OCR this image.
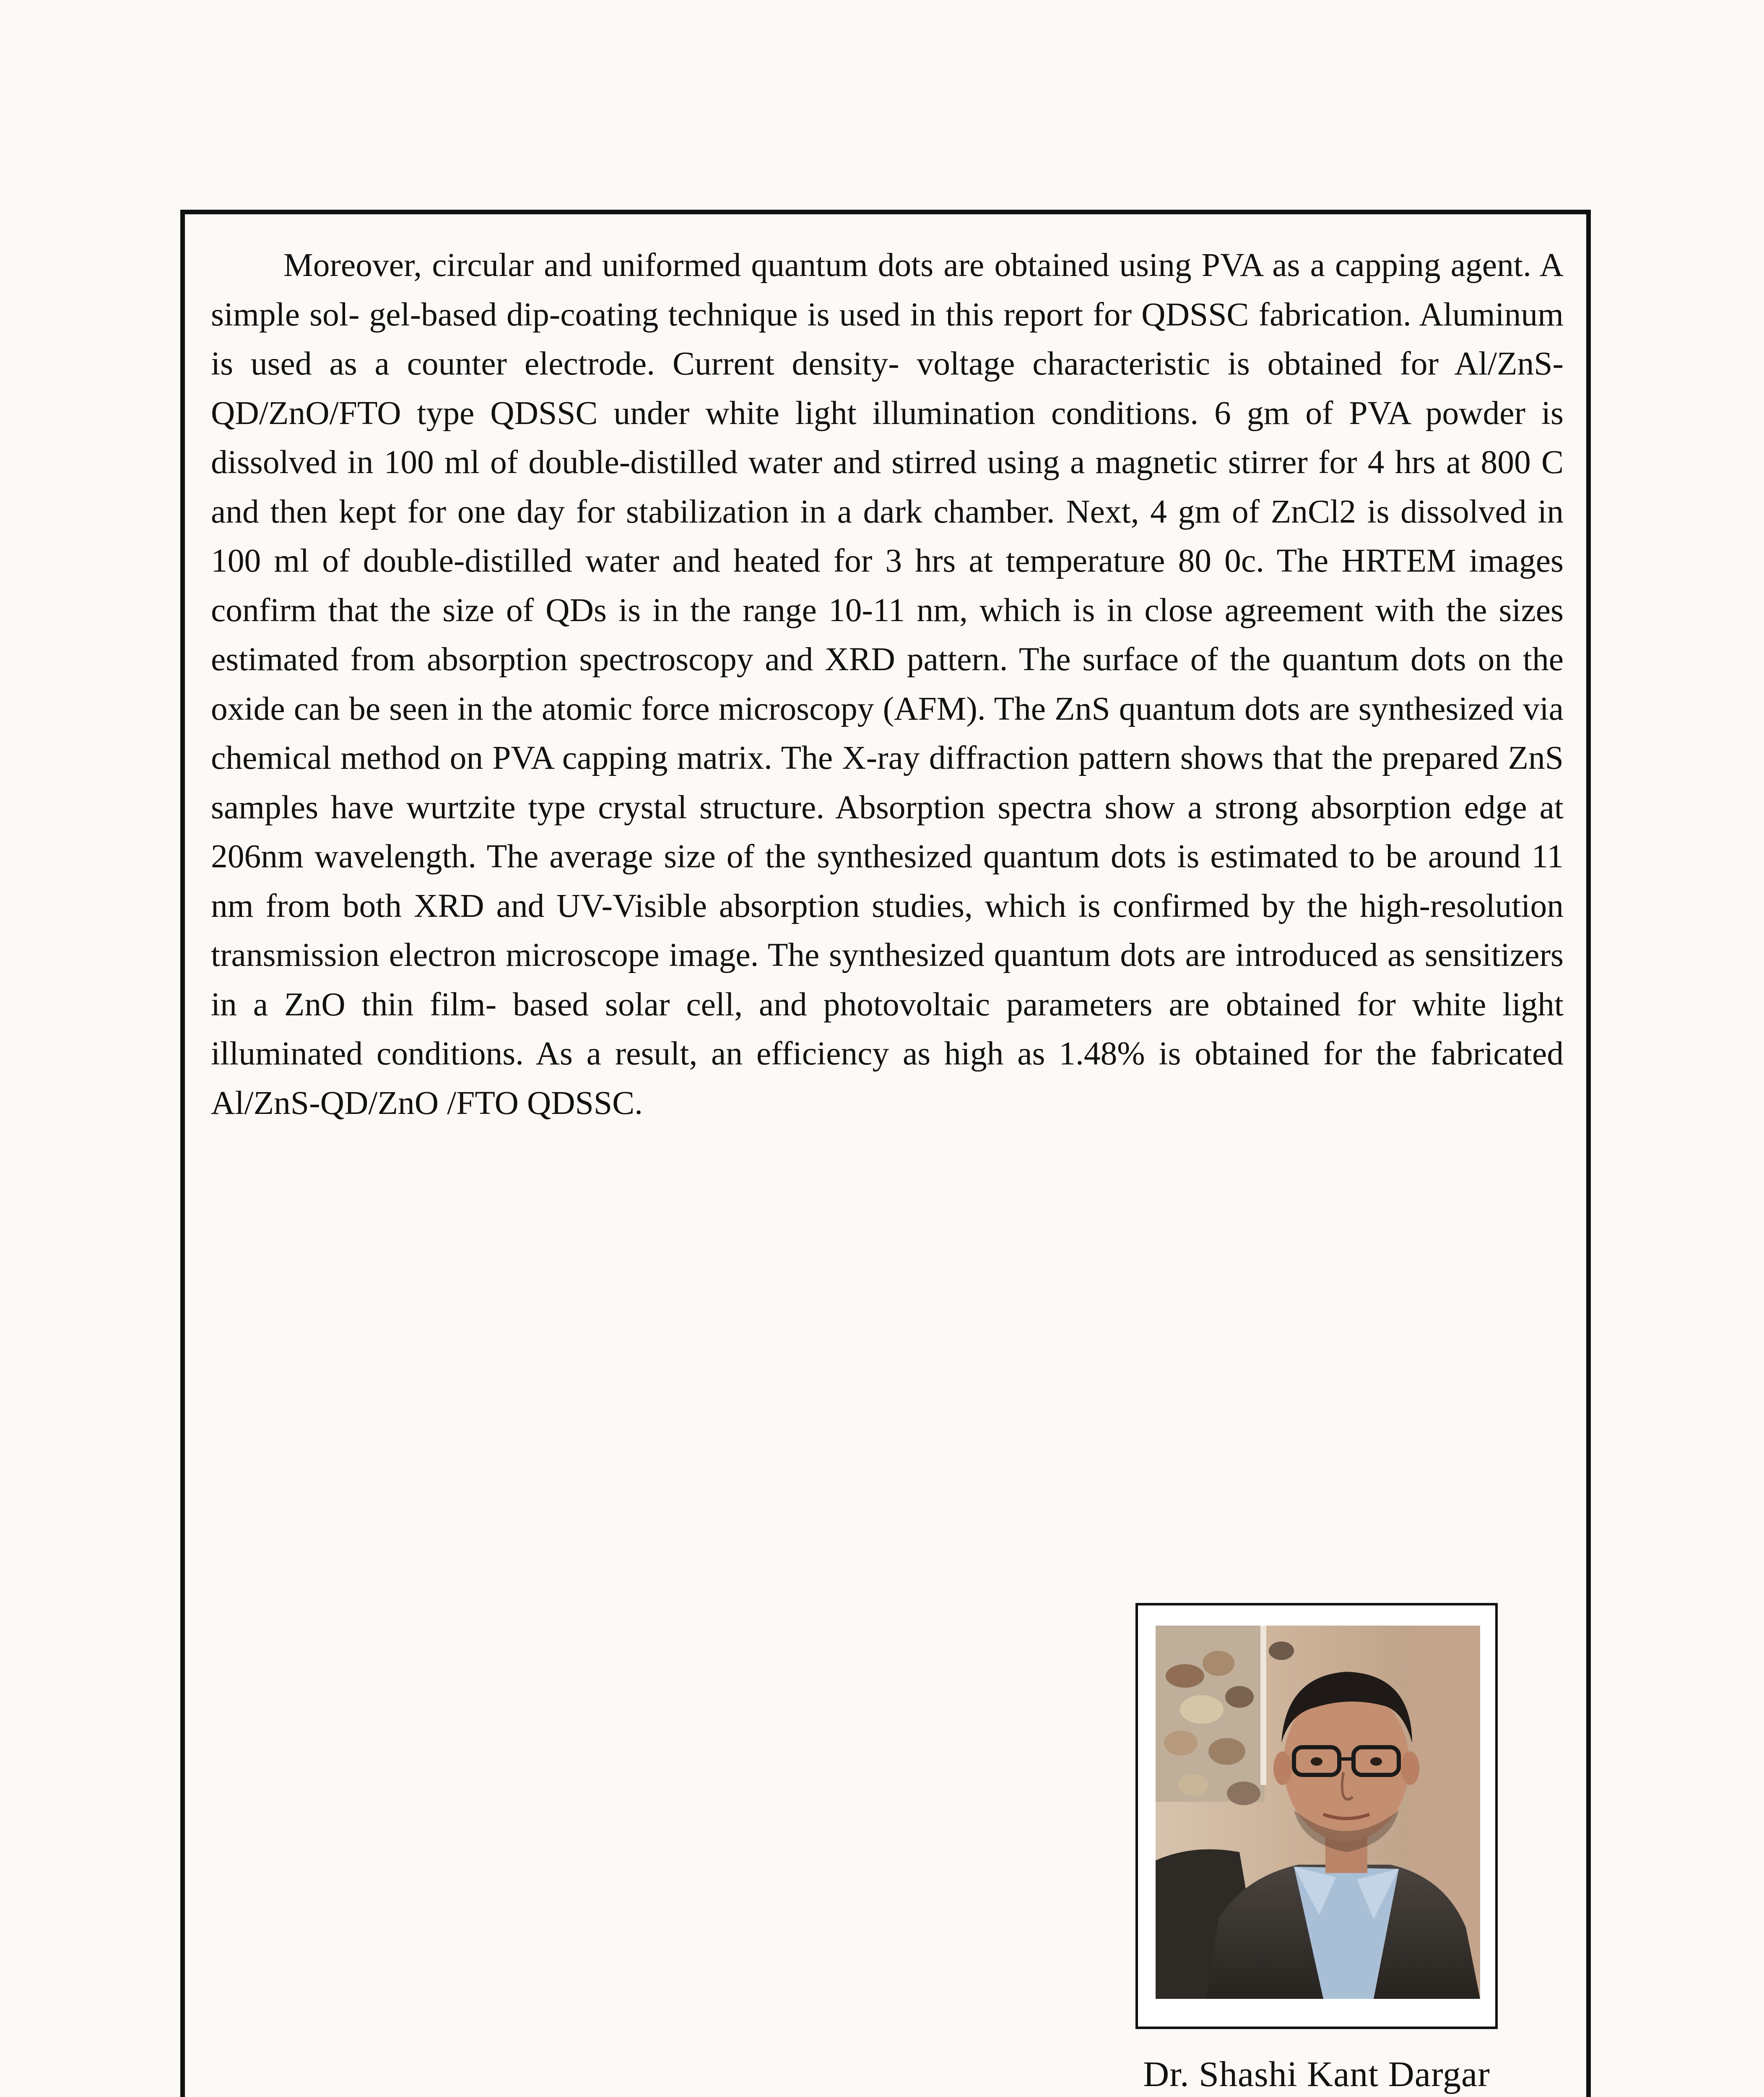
Moreover, circular and uniformed quantum dots are obtained using PVA as a capping agent. A simple sol- gel-based dip-coating technique is used in this report for QDSSC fabrication. Aluminum is used as a counter electrode. Current density- voltage characteristic is obtained for Al/ZnS-QD/ZnO/FTO type QDSSC under white light illumination conditions. 6 gm of PVA powder is dissolved in 100 ml of double-distilled water and stirred using a magnetic stirrer for 4 hrs at 800 C and then kept for one day for stabilization in a dark chamber. Next, 4 gm of ZnCl2 is dissolved in 100 ml of double-distilled water and heated for 3 hrs at temperature 80 0c. The HRTEM images confirm that the size of QDs is in the range 10-11 nm, which is in close agreement with the sizes estimated from absorption spectroscopy and XRD pattern. The surface of the quantum dots on the oxide can be seen in the atomic force microscopy (AFM). The ZnS quantum dots are synthesized via chemical method on PVA capping matrix. The X-ray diffraction pattern shows that the prepared ZnS samples have wurtzite type crystal structure. Absorption spectra show a strong absorption edge at 206nm wavelength. The average size of the synthesized quantum dots is estimated to be around 11 nm from both XRD and UV-Visible absorption studies, which is confirmed by the high-resolution transmission electron microscope image. The synthesized quantum dots are introduced as sensitizers in a ZnO thin film- based solar cell, and photovoltaic parameters are obtained for white light illuminated conditions. As a result, an efficiency as high as 1.48% is obtained for the fabricated Al/ZnS-QD/ZnO /FTO QDSSC.

Dr. Shashi Kant Dargar
